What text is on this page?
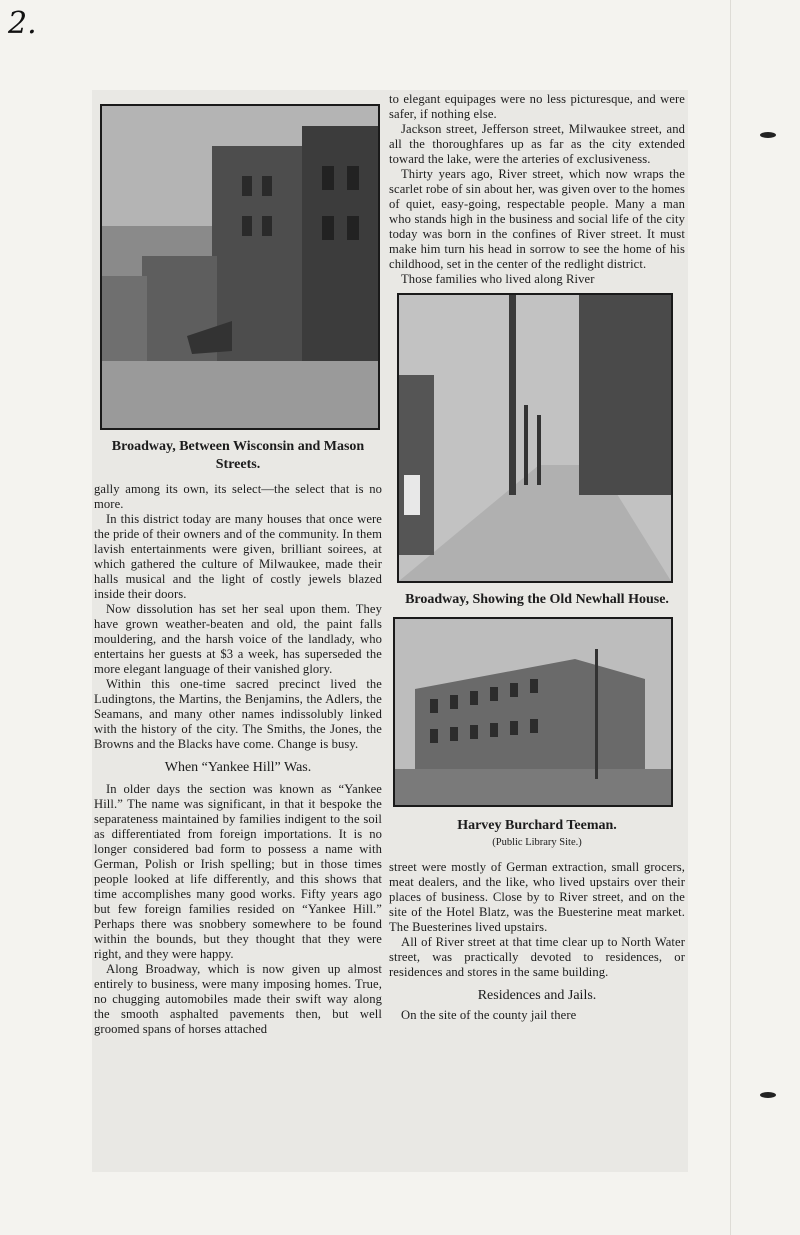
2.

Broadway, Between Wisconsin and Mason Streets.

gally among its own, its select—the select that is no more.

In this district today are many houses that once were the pride of their owners and of the community. In them lavish entertainments were given, brilliant soirees, at which gathered the culture of Milwaukee, made their halls musical and the light of costly jewels blazed inside their doors.

Now dissolution has set her seal upon them. They have grown weather-beaten and old, the paint falls mouldering, and the harsh voice of the landlady, who entertains her guests at $3 a week, has superseded the more elegant language of their vanished glory.

Within this one-time sacred precinct lived the Ludingtons, the Martins, the Benjamins, the Adlers, the Seamans, and many other names indissolubly linked with the history of the city. The Smiths, the Jones, the Browns and the Blacks have come. Change is busy.

When “Yankee Hill” Was.

In older days the section was known as “Yankee Hill.” The name was significant, in that it bespoke the separateness maintained by families indigent to the soil as differentiated from foreign importations. It is no longer considered bad form to possess a name with German, Polish or Irish spelling; but in those times people looked at life differently, and this shows that time accomplishes many good works. Fifty years ago but few foreign families resided on “Yankee Hill.” Perhaps there was snobbery somewhere to be found within the bounds, but they thought that they were right, and they were happy.

Along Broadway, which is now given up almost entirely to business, were many imposing homes. True, no chugging automobiles made their swift way along the smooth asphalted pavements then, but well groomed spans of horses attached

to elegant equipages were no less picturesque, and were safer, if nothing else.

Jackson street, Jefferson street, Milwaukee street, and all the thoroughfares up as far as the city extended toward the lake, were the arteries of exclusiveness.

Thirty years ago, River street, which now wraps the scarlet robe of sin about her, was given over to the homes of quiet, easy-going, respectable people. Many a man who stands high in the business and social life of the city today was born in the confines of River street. It must make him turn his head in sorrow to see the home of his childhood, set in the center of the redlight district.

Those families who lived along River

Broadway, Showing the Old Newhall House.

Harvey Burchard Teeman.

(Public Library Site.)

street were mostly of German extraction, small grocers, meat dealers, and the like, who lived upstairs over their places of business. Close by to River street, and on the site of the Hotel Blatz, was the Buesterine meat market. The Buesterines lived upstairs.

All of River street at that time clear up to North Water street, was practically devoted to residences, or residences and stores in the same building.

Residences and Jails.

On the site of the county jail there
